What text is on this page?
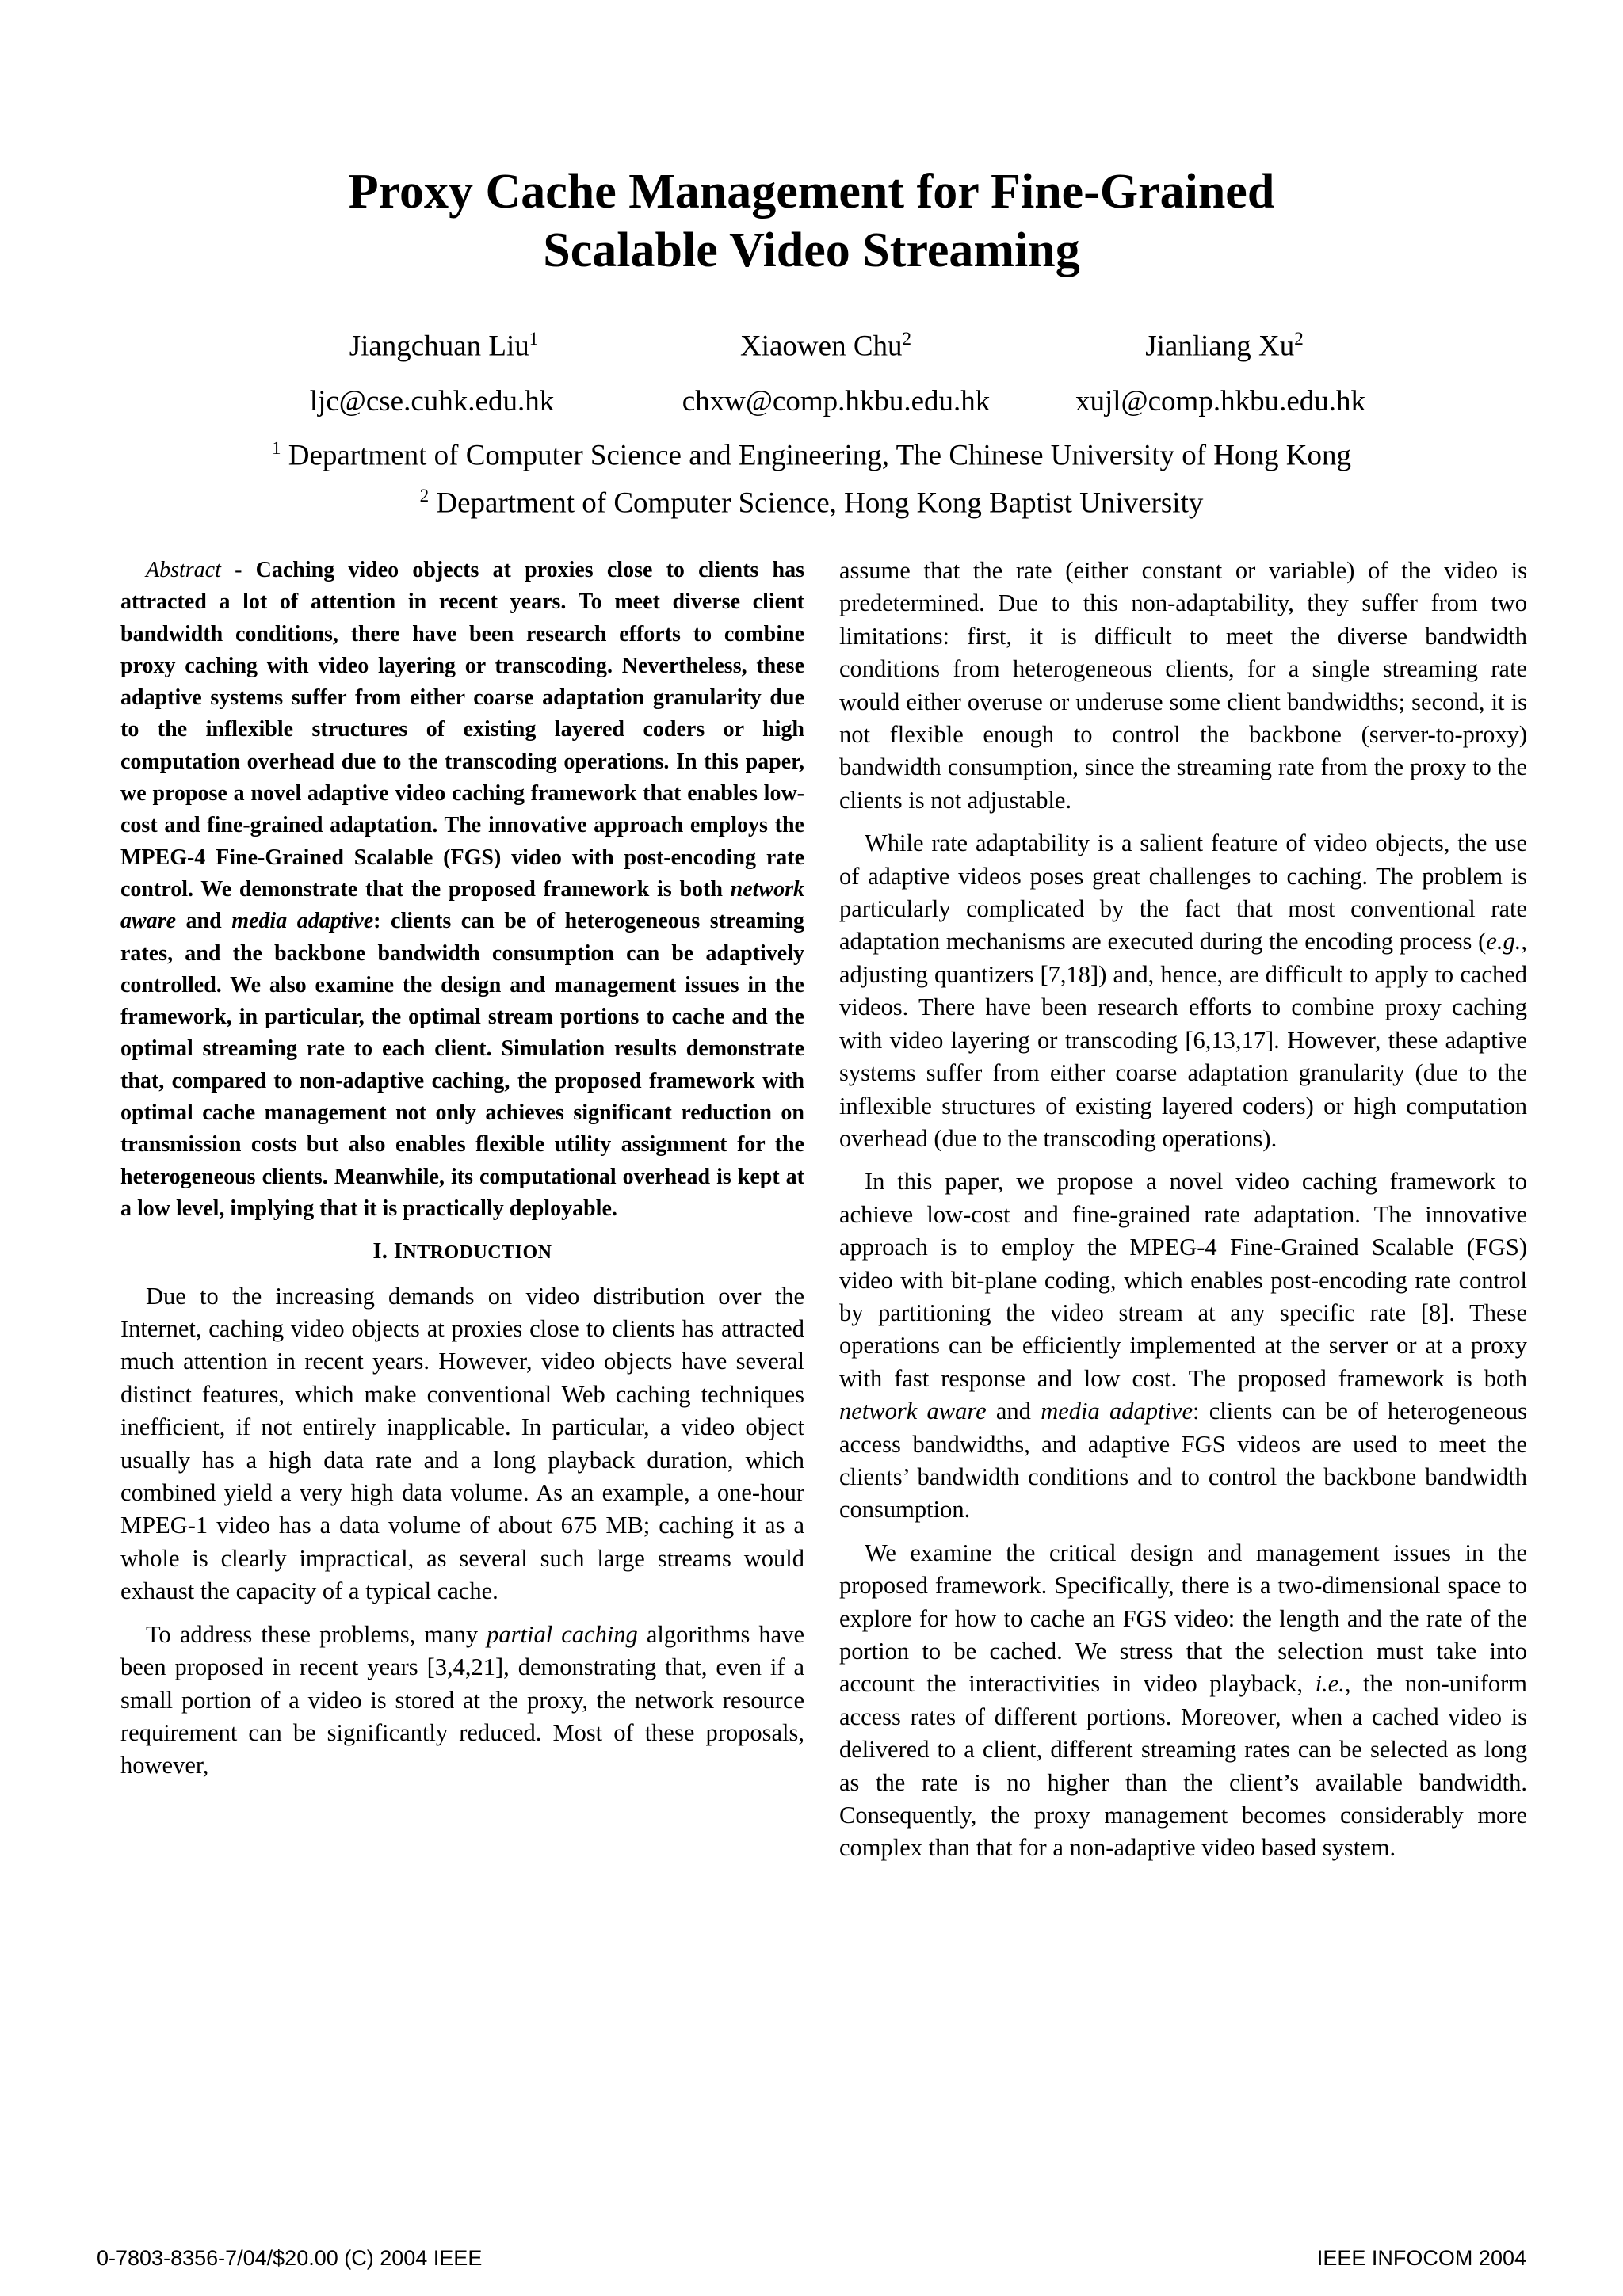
Proxy Cache Management for Fine-Grained
Scalable Video Streaming
Jiangchuan Liu$^1$	Xiaowen Chu$^2$	Jianliang Xu$^2$
ljc@cse.cuhk.edu.hk	chxw@comp.hkbu.edu.hk	xujl@comp.hkbu.edu.hk
$^1$ Department of Computer Science and Engineering, The Chinese University of Hong Kong
$^2$ Department of Computer Science, Hong Kong Baptist University

Abstract - Caching video objects at proxies close to clients has attracted a lot of attention in recent years. To meet diverse client bandwidth conditions, there have been research efforts to combine proxy caching with video layering or transcoding. Nevertheless, these adaptive systems suffer from either coarse adaptation granularity due to the inflexible structures of existing layered coders or high computation overhead due to the transcoding operations. In this paper, we propose a novel adaptive video caching framework that enables low-cost and fine-grained adaptation. The innovative approach employs the MPEG-4 Fine-Grained Scalable (FGS) video with post-encoding rate control. We demonstrate that the proposed framework is both network aware and media adaptive: clients can be of heterogeneous streaming rates, and the backbone bandwidth consumption can be adaptively controlled. We also examine the design and management issues in the framework, in particular, the optimal stream portions to cache and the optimal streaming rate to each client. Simulation results demonstrate that, compared to non-adaptive caching, the proposed framework with optimal cache management not only achieves significant reduction on transmission costs but also enables flexible utility assignment for the heterogeneous clients. Meanwhile, its computational overhead is kept at a low level, implying that it is practically deployable.

I. INTRODUCTION

Due to the increasing demands on video distribution over the Internet, caching video objects at proxies close to clients has attracted much attention in recent years. However, video objects have several distinct features, which make conventional Web caching techniques inefficient, if not entirely inapplicable. In particular, a video object usually has a high data rate and a long playback duration, which combined yield a very high data volume. As an example, a one-hour MPEG-1 video has a data volume of about 675 MB; caching it as a whole is clearly impractical, as several such large streams would exhaust the capacity of a typical cache.

To address these problems, many partial caching algorithms have been proposed in recent years [3,4,21], demonstrating that, even if a small portion of a video is stored at the proxy, the network resource requirement can be significantly reduced. Most of these proposals, however,

assume that the rate (either constant or variable) of the video is predetermined. Due to this non-adaptability, they suffer from two limitations: first, it is difficult to meet the diverse bandwidth conditions from heterogeneous clients, for a single streaming rate would either overuse or underuse some client bandwidths; second, it is not flexible enough to control the backbone (server-to-proxy) bandwidth consumption, since the streaming rate from the proxy to the clients is not adjustable.

While rate adaptability is a salient feature of video objects, the use of adaptive videos poses great challenges to caching. The problem is particularly complicated by the fact that most conventional rate adaptation mechanisms are executed during the encoding process (e.g., adjusting quantizers [7,18]) and, hence, are difficult to apply to cached videos. There have been research efforts to combine proxy caching with video layering or transcoding [6,13,17]. However, these adaptive systems suffer from either coarse adaptation granularity (due to the inflexible structures of existing layered coders) or high computation overhead (due to the transcoding operations).

In this paper, we propose a novel video caching framework to achieve low-cost and fine-grained rate adaptation. The innovative approach is to employ the MPEG-4 Fine-Grained Scalable (FGS) video with bit-plane coding, which enables post-encoding rate control by partitioning the video stream at any specific rate [8]. These operations can be efficiently implemented at the server or at a proxy with fast response and low cost. The proposed framework is both network aware and media adaptive: clients can be of heterogeneous access bandwidths, and adaptive FGS videos are used to meet the clients’ bandwidth conditions and to control the backbone bandwidth consumption.

We examine the critical design and management issues in the proposed framework. Specifically, there is a two-dimensional space to explore for how to cache an FGS video: the length and the rate of the portion to be cached. We stress that the selection must take into account the interactivities in video playback, i.e., the non-uniform access rates of different portions. Moreover, when a cached video is delivered to a client, different streaming rates can be selected as long as the rate is no higher than the client’s available bandwidth. Consequently, the proxy management becomes considerably more complex than that for a non-adaptive video based system.

0-7803-8356-7/04/$20.00 (C) 2004 IEEE	IEEE INFOCOM 2004
